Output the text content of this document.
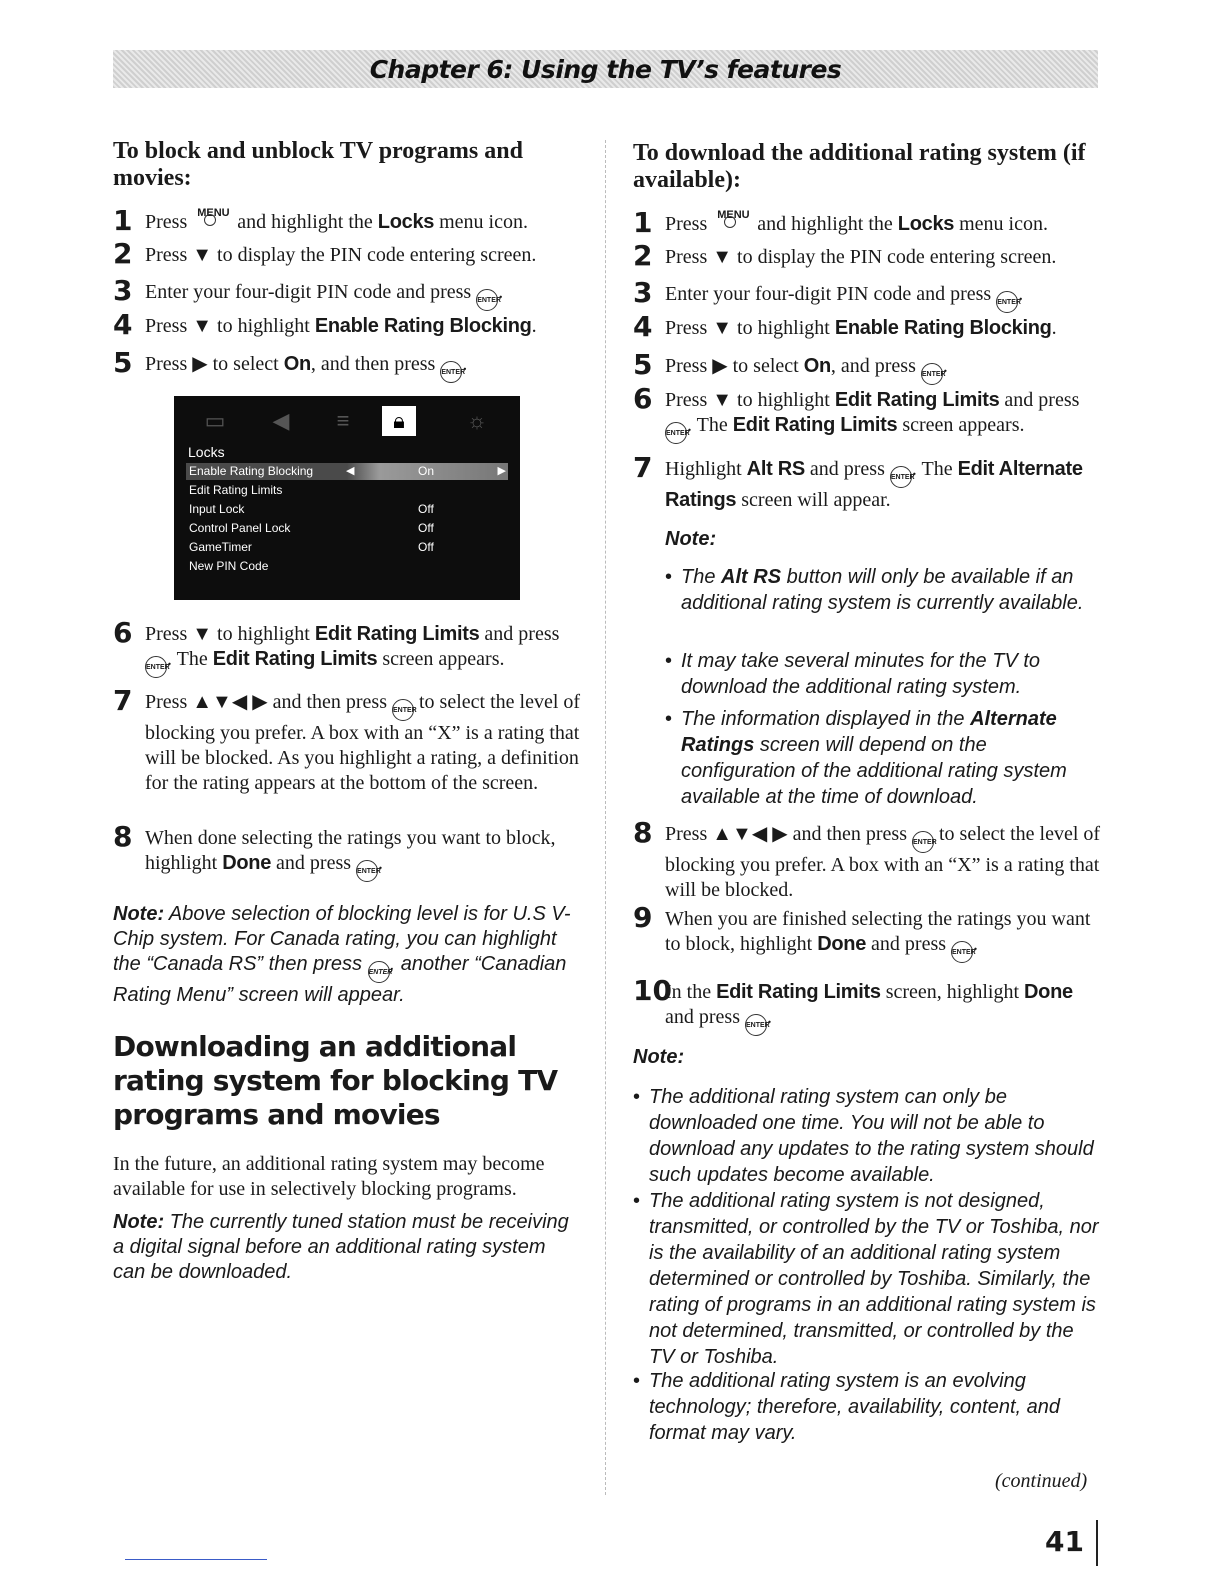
Chapter 6: Using the TV’s features
To block and unblock TV programs and movies:
1 Press MENU and highlight the Locks menu icon.
2 Press ▼ to display the PIN code entering screen.
3 Enter your four-digit PIN code and press ENTER.
4 Press ▼ to highlight Enable Rating Blocking.
5 Press ▶ to select On, and then press ENTER.
6 Press ▼ to highlight Edit Rating Limits and press ENTER. The Edit Rating Limits screen appears.
7 Press ▲▼◀ ▶ and then press ENTER to select the level of blocking you prefer. A box with an “X” is a rating that will be blocked. As you highlight a rating, a definition for the rating appears at the bottom of the screen.
8 When done selecting the ratings you want to block, highlight Done and press ENTER.

Note: Above selection of blocking level is for U.S V-Chip system. For Canada rating, you can highlight the “Canada RS” then press ENTER, another “Canadian Rating Menu” screen will appear.

Downloading an additional rating system for blocking TV programs and movies

In the future, an additional rating system may become available for use in selectively blocking programs.

Note: The currently tuned station must be receiving a digital signal before an additional rating system can be downloaded.

▭	◀	≡	🔒︎	☼
Locks
Enable Rating Blocking	◀	On	▶
Edit Rating Limits
Input Lock	Off
Control Panel Lock	Off
GameTimer	Off
New PIN Code
To download the additional rating system (if available):
1 Press MENU and highlight the Locks menu icon.
2 Press ▼ to display the PIN code entering screen.
3 Enter your four-digit PIN code and press ENTER.
4 Press ▼ to highlight Enable Rating Blocking.
5 Press ▶ to select On, and press ENTER.
6 Press ▼ to highlight Edit Rating Limits and press ENTER. The Edit Rating Limits screen appears.
7 Highlight Alt RS and press ENTER. The Edit Alternate Ratings screen will appear.

Note:

• The Alt RS button will only be available if an additional rating system is currently available.
• It may take several minutes for the TV to download the additional rating system.
• The information displayed in the Alternate Ratings screen will depend on the configuration of the additional rating system available at the time of download.
8 Press ▲▼◀ ▶ and then press ENTER to select the level of blocking you prefer. A box with an “X” is a rating that will be blocked.
9 When you are finished selecting the ratings you want to block, highlight Done and press ENTER.
10
In the Edit Rating Limits screen, highlight Done and press ENTER.

Note:

• The additional rating system can only be downloaded one time. You will not be able to download any updates to the rating system should such updates become available.
• The additional rating system is not designed, transmitted, or controlled by the TV or Toshiba, nor is the availability of an additional rating system determined or controlled by Toshiba. Similarly, the rating of programs in an additional rating system is not determined, transmitted, or controlled by the TV or Toshiba.
• The additional rating system is an evolving technology; therefore, availability, content, and format may vary.
(continued)
41
